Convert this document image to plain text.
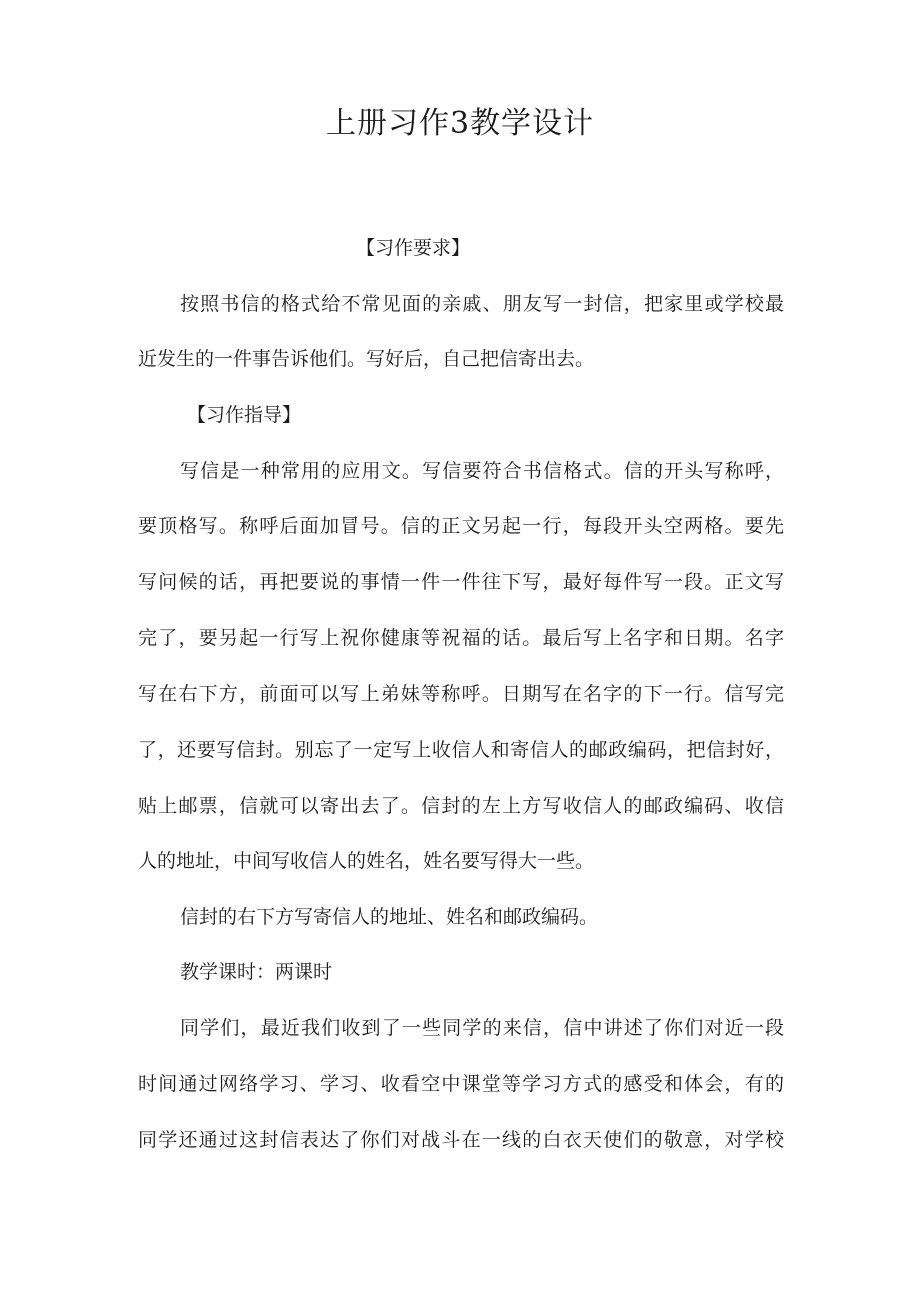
上册习作3教学设计

【习作要求】

按照书信的格式给不常见面的亲戚、朋友写一封信，把家里或学校最

近发生的一件事告诉他们。写好后，自己把信寄出去。

【习作指导】

写信是一种常用的应用文。写信要符合书信格式。信的开头写称呼，

要顶格写。称呼后面加冒号。信的正文另起一行，每段开头空两格。要先

写问候的话，再把要说的事情一件一件往下写，最好每件写一段。正文写

完了，要另起一行写上祝你健康等祝福的话。最后写上名字和日期。名字

写在右下方，前面可以写上弟妹等称呼。日期写在名字的下一行。信写完

了，还要写信封。别忘了一定写上收信人和寄信人的邮政编码，把信封好，

贴上邮票，信就可以寄出去了。信封的左上方写收信人的邮政编码、收信

人的地址，中间写收信人的姓名，姓名要写得大一些。

信封的右下方写寄信人的地址、姓名和邮政编码。

教学课时：两课时

同学们，最近我们收到了一些同学的来信，信中讲述了你们对近一段

时间通过网络学习、学习、收看空中课堂等学习方式的感受和体会，有的

同学还通过这封信表达了你们对战斗在一线的白衣天使们的敬意，对学校
